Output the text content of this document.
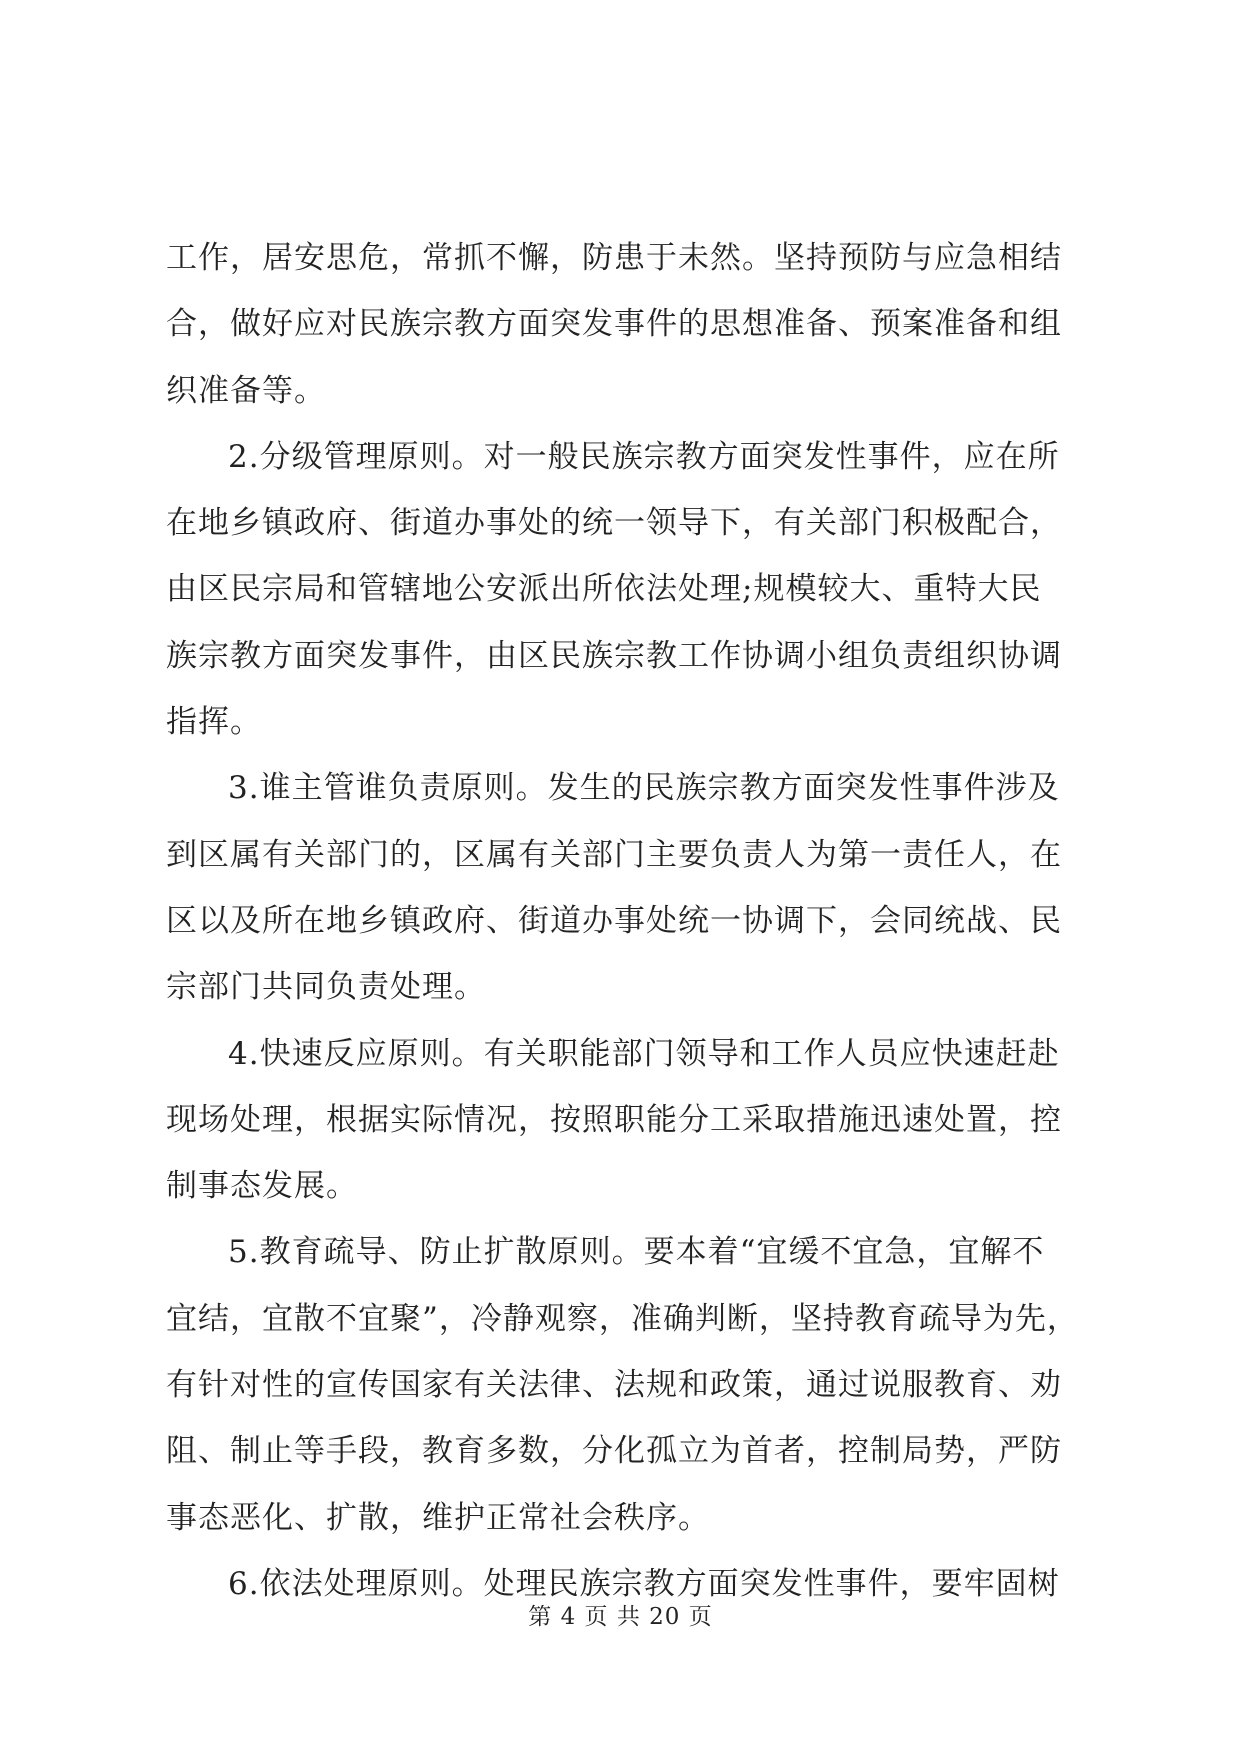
工作，居安思危，常抓不懈，防患于未然。坚持预防与应急相结
合，做好应对民族宗教方面突发事件的思想准备、预案准备和组
织准备等。
2.分级管理原则。对一般民族宗教方面突发性事件，应在所
在地乡镇政府、街道办事处的统一领导下，有关部门积极配合，
由区民宗局和管辖地公安派出所依法处理;规模较大、重特大民
族宗教方面突发事件，由区民族宗教工作协调小组负责组织协调
指挥。
3.谁主管谁负责原则。发生的民族宗教方面突发性事件涉及
到区属有关部门的，区属有关部门主要负责人为第一责任人，在
区以及所在地乡镇政府、街道办事处统一协调下，会同统战、民
宗部门共同负责处理。
4.快速反应原则。有关职能部门领导和工作人员应快速赶赴
现场处理，根据实际情况，按照职能分工采取措施迅速处置，控
制事态发展。
5.教育疏导、防止扩散原则。要本着“宜缓不宜急，宜解不
宜结，宜散不宜聚”，冷静观察，准确判断，坚持教育疏导为先，
有针对性的宣传国家有关法律、法规和政策，通过说服教育、劝
阻、制止等手段，教育多数，分化孤立为首者，控制局势，严防
事态恶化、扩散，维护正常社会秩序。
6.依法处理原则。处理民族宗教方面突发性事件，要牢固树
第 4 页 共 20 页
